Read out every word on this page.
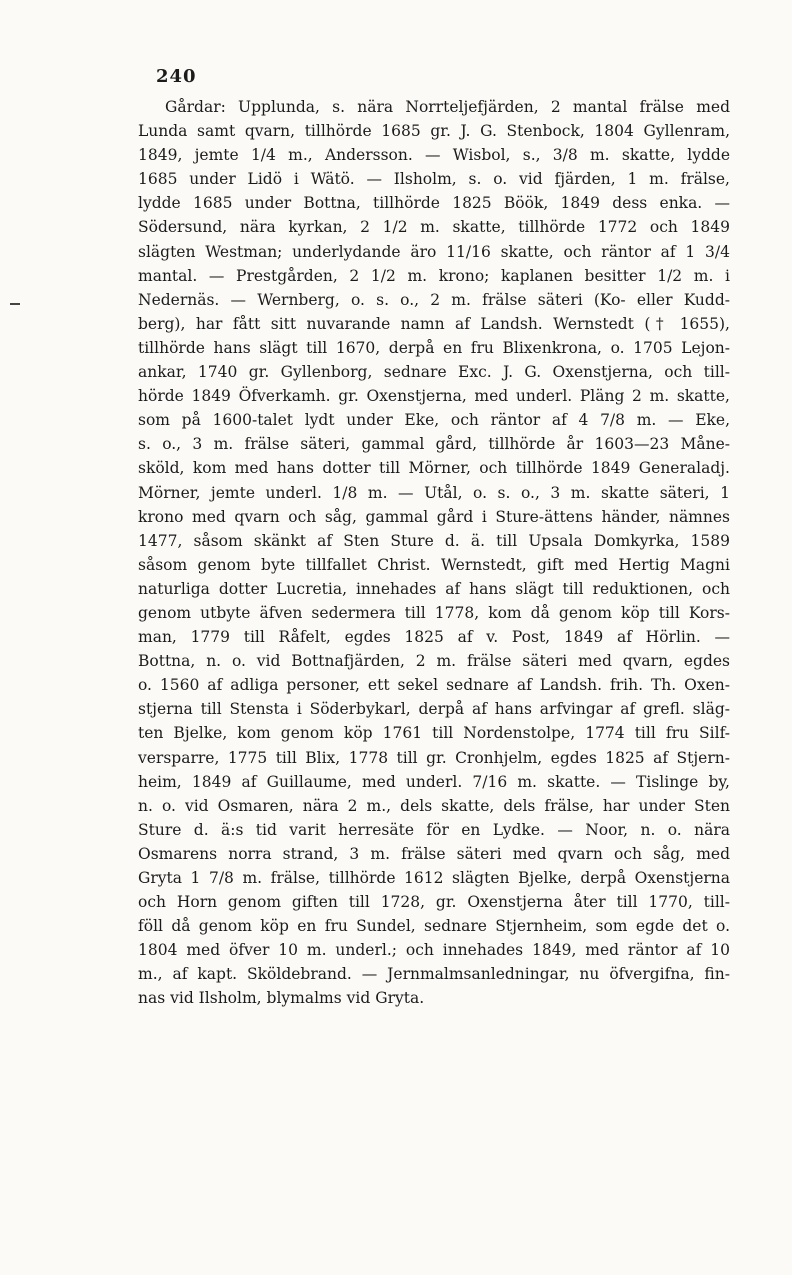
240
Gårdar: Upplunda, s. nära Norrteljefjärden, 2 mantal frälse med
Lunda samt qvarn, tillhörde 1685 gr. J. G. Stenbock, 1804 Gyllenram,
1849, jemte 1/4 m., Andersson. — Wisbol, s., 3/8 m. skatte, lydde
1685 under Lidö i Wätö. — Ilsholm, s. o. vid fjärden, 1 m. frälse,
lydde 1685 under Bottna, tillhörde 1825 Böök, 1849 dess enka. —
Södersund, nära kyrkan, 2 1/2 m. skatte, tillhörde 1772 och 1849
slägten Westman; underlydande äro 11/16 skatte, och räntor af 1 3/4
mantal. — Prestgården, 2 1/2 m. krono; kaplanen besitter 1/2 m. i
Nedernäs. — Wernberg, o. s. o., 2 m. frälse säteri (Ko- eller Kudd-
berg), har fått sitt nuvarande namn af Landsh. Wernstedt († 1655),
tillhörde hans slägt till 1670, derpå en fru Blixenkrona, o. 1705 Lejon-
ankar, 1740 gr. Gyllenborg, sednare Exc. J. G. Oxenstjerna, och till-
hörde 1849 Öfverkamh. gr. Oxenstjerna, med underl. Pläng 2 m. skatte,
som på 1600-talet lydt under Eke, och räntor af 4 7/8 m. — Eke,
s. o., 3 m. frälse säteri, gammal gård, tillhörde år 1603—23 Måne-
sköld, kom med hans dotter till Mörner, och tillhörde 1849 Generaladj.
Mörner, jemte underl. 1/8 m. — Utål, o. s. o., 3 m. skatte säteri, 1
krono med qvarn och såg, gammal gård i Sture-ättens händer, nämnes
1477, såsom skänkt af Sten Sture d. ä. till Upsala Domkyrka, 1589
såsom genom byte tillfallet Christ. Wernstedt, gift med Hertig Magni
naturliga dotter Lucretia, innehades af hans slägt till reduktionen, och
genom utbyte äfven sedermera till 1778, kom då genom köp till Kors-
man, 1779 till Råfelt, egdes 1825 af v. Post, 1849 af Hörlin. —
Bottna, n. o. vid Bottnafjärden, 2 m. frälse säteri med qvarn, egdes
o. 1560 af adliga personer, ett sekel sednare af Landsh. frih. Th. Oxen-
stjerna till Stensta i Söderbykarl, derpå af hans arfvingar af grefl. släg-
ten Bjelke, kom genom köp 1761 till Nordenstolpe, 1774 till fru Silf-
versparre, 1775 till Blix, 1778 till gr. Cronhjelm, egdes 1825 af Stjern-
heim, 1849 af Guillaume, med underl. 7/16 m. skatte. — Tislinge by,
n. o. vid Osmaren, nära 2 m., dels skatte, dels frälse, har under Sten
Sture d. ä:s tid varit herresäte för en Lydke. — Noor, n. o. nära
Osmarens norra strand, 3 m. frälse säteri med qvarn och såg, med
Gryta 1 7/8 m. frälse, tillhörde 1612 slägten Bjelke, derpå Oxenstjerna
och Horn genom giften till 1728, gr. Oxenstjerna åter till 1770, till-
föll då genom köp en fru Sundel, sednare Stjernheim, som egde det o.
1804 med öfver 10 m. underl.; och innehades 1849, med räntor af 10
m., af kapt. Sköldebrand. — Jernmalmsanledningar, nu öfvergifna, fin-
nas vid Ilsholm, blymalms vid Gryta.
